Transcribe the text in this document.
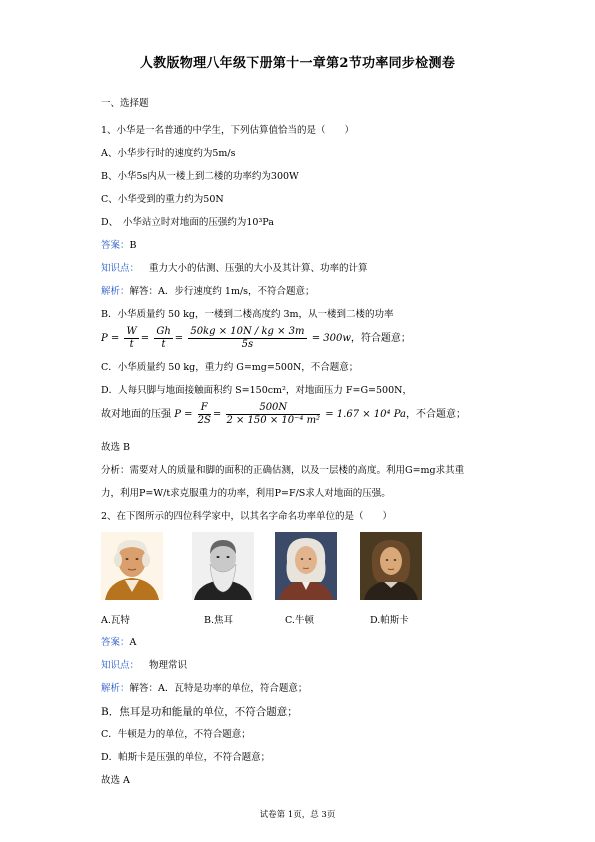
人教版物理八年级下册第十一章第2节功率同步检测卷
一、选择题
1、小华是一名普通的中学生，下列估算值恰当的是（　　）
A、小华步行时的速度约为5m/s
B、小华5s内从一楼上到二楼的功率约为300W
C、小华受到的重力约为50N
D、　小华站立时对地面的压强约为10³Pa
答案：B
知识点： 重力大小的估测、压强的大小及其计算、功率的计算
解析：解答：A．步行速度约 1m/s，不符合题意；
B．小华质量约 50 kg，一楼到二楼高度约 3m，从一楼到二楼的功率
$P = \frac{W}{t} = \frac{Gh}{t} = \frac{50kg \times 10N / kg \times 3m}{5s} = 300w$，符合题意；
C．小华质量约 50 kg，重力约 G=mg=500N，不合题意；
D．人每只脚与地面接触面积约 S=150cm²，对地面压力 F=G=500N，
故对地面的压强 $P = \frac{F}{2S} = \frac{500N}{\text{2 × 150 × 10⁻⁴ m²}} = 1.67 \times 10^4$ Pa，不合题意；
故选 B
分析：需要对人的质量和脚的面积的正确估测，以及一层楼的高度。利用G=mg求其重
力，利用P=W/t求克服重力的功率，利用P=F/S求人对地面的压强。
2、在下图所示的四位科学家中，以其名字命名功率单位的是（　　）
A.瓦特	B.焦耳	C.牛顿	D.帕斯卡
答案：A
知识点： 物理常识
解析：解答：A．瓦特是功率的单位，符合题意；
B．焦耳是功和能量的单位，不符合题意；
C．牛顿是力的单位，不符合题意；
D．帕斯卡是压强的单位，不符合题意；
故选 A
试卷第 1页，总 3页
